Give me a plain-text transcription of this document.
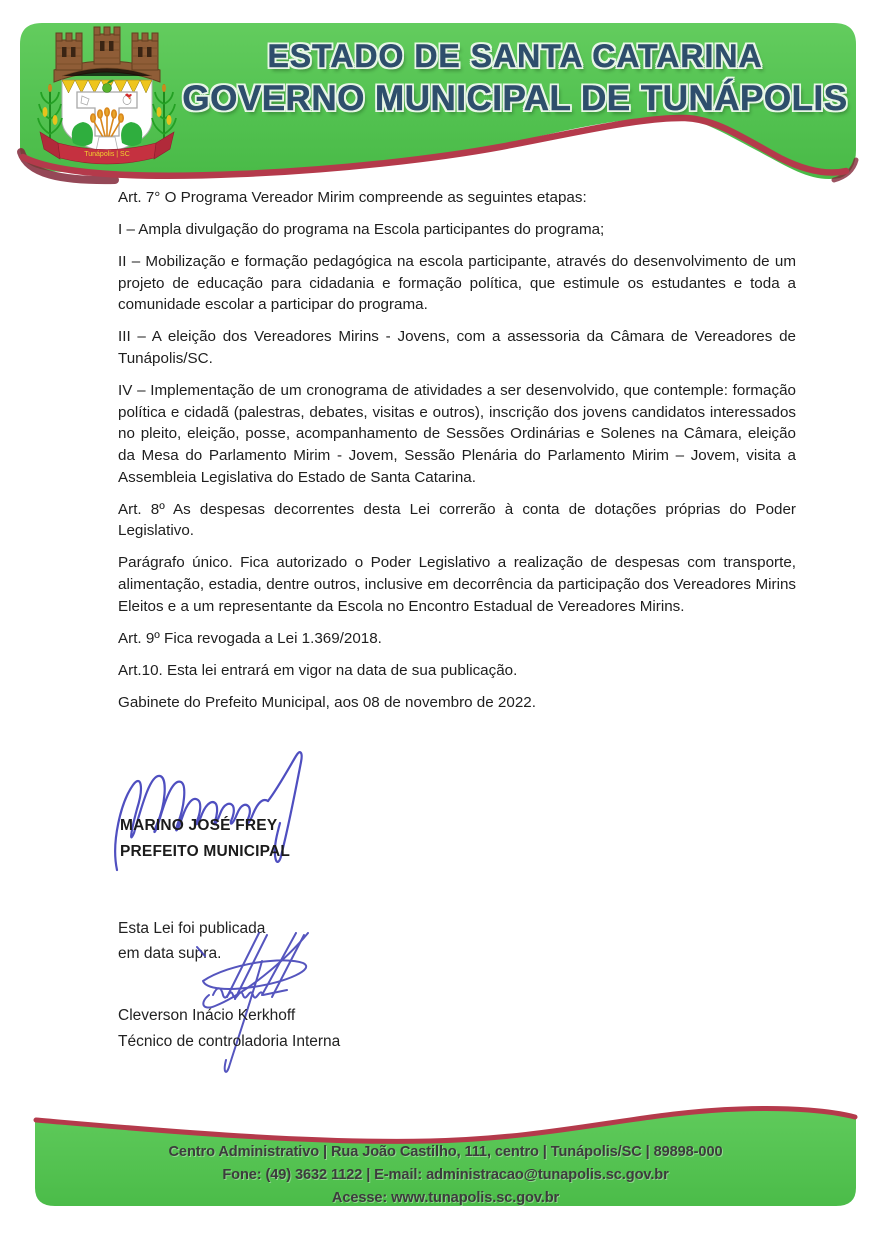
Tunápolis | SC
ESTADO DE SANTA CATARINA
GOVERNO MUNICIPAL DE TUNÁPOLIS

Art. 7° O Programa Vereador Mirim compreende as seguintes etapas:

I – Ampla divulgação do programa na Escola participantes do programa;

II – Mobilização e formação pedagógica na escola participante, através do desenvolvimento de um projeto de educação para cidadania e formação política, que estimule os estudantes e toda a comunidade escolar a participar do programa.

III – A eleição dos Vereadores Mirins - Jovens, com a assessoria da Câmara de Vereadores de Tunápolis/SC.

IV – Implementação de um cronograma de atividades a ser desenvolvido, que contemple: formação política e cidadã (palestras, debates, visitas e outros), inscrição dos jovens candidatos interessados no pleito, eleição, posse, acompanhamento de Sessões Ordinárias e Solenes na Câmara, eleição da Mesa do Parlamento Mirim - Jovem, Sessão Plenária do Parlamento Mirim – Jovem, visita a Assembleia Legislativa do Estado de Santa Catarina.

Art. 8º As despesas decorrentes desta Lei correrão à conta de dotações próprias do Poder Legislativo.

Parágrafo único. Fica autorizado o Poder Legislativo a realização de despesas com transporte, alimentação, estadia, dentre outros, inclusive em decorrência da participação dos Vereadores Mirins Eleitos e a um representante da Escola no Encontro Estadual de Vereadores Mirins.

Art. 9º Fica revogada a Lei 1.369/2018.

Art.10. Esta lei entrará em vigor na data de sua publicação.

Gabinete do Prefeito Municipal, aos 08 de novembro de 2022.

MARINO JOSÉ FREY
PREFEITO MUNICIPAL
Esta Lei foi publicada
em data supra.
Cleverson Inácio Kerkhoff
Técnico de controladoria Interna
Centro Administrativo | Rua João Castilho, 111, centro | Tunápolis/SC | 89898-000
Fone: (49) 3632 1122 | E-mail: administracao@tunapolis.sc.gov.br
Acesse: www.tunapolis.sc.gov.br
